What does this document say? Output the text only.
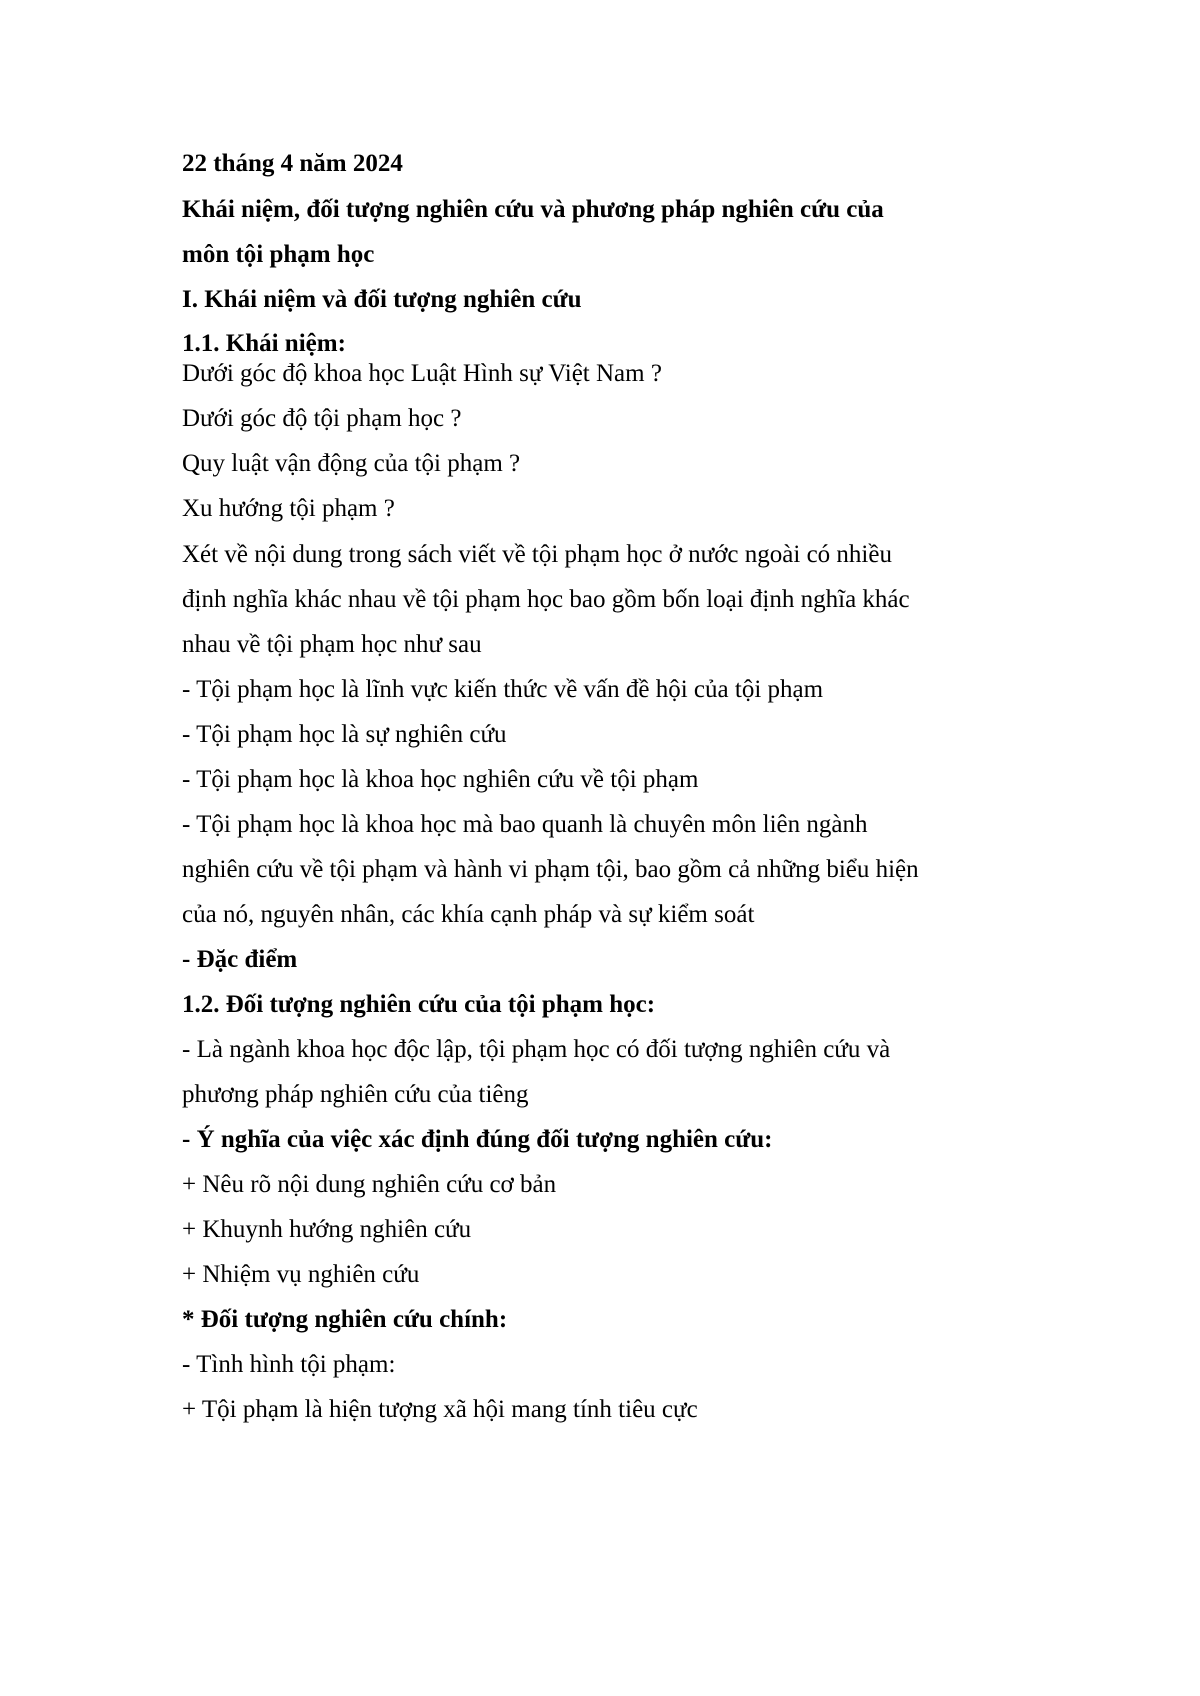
22 tháng 4 năm 2024
Khái niệm, đối tượng nghiên cứu và phương pháp nghiên cứu của
môn tội phạm học
I. Khái niệm và đối tượng nghiên cứu
1.1. Khái niệm:
Dưới góc độ khoa học Luật Hình sự Việt Nam ?
Dưới góc độ tội phạm học ?
Quy luật vận động của tội phạm ?
Xu hướng tội phạm ?
Xét về nội dung trong sách viết về tội phạm học ở nước ngoài có nhiều
định nghĩa khác nhau về tội phạm học bao gồm bốn loại định nghĩa khác
nhau về tội phạm học như sau
- Tội phạm học là lĩnh vực kiến thức về vấn đề hội của tội phạm
- Tội phạm học là sự nghiên cứu
- Tội phạm học là khoa học nghiên cứu về tội phạm
- Tội phạm học là khoa học mà bao quanh là chuyên môn liên ngành
nghiên cứu về tội phạm và hành vi phạm tội, bao gồm cả những biểu hiện
của nó, nguyên nhân, các khía cạnh pháp và sự kiểm soát
- Đặc điểm
1.2. Đối tượng nghiên cứu của tội phạm học:
- Là ngành khoa học độc lập, tội phạm học có đối tượng nghiên cứu và
phương pháp nghiên cứu của tiêng
- Ý nghĩa của việc xác định đúng đối tượng nghiên cứu:
+ Nêu rõ nội dung nghiên cứu cơ bản
+ Khuynh hướng nghiên cứu
+ Nhiệm vụ nghiên cứu
* Đối tượng nghiên cứu chính:
- Tình hình tội phạm:
+ Tội phạm là hiện tượng xã hội mang tính tiêu cực
